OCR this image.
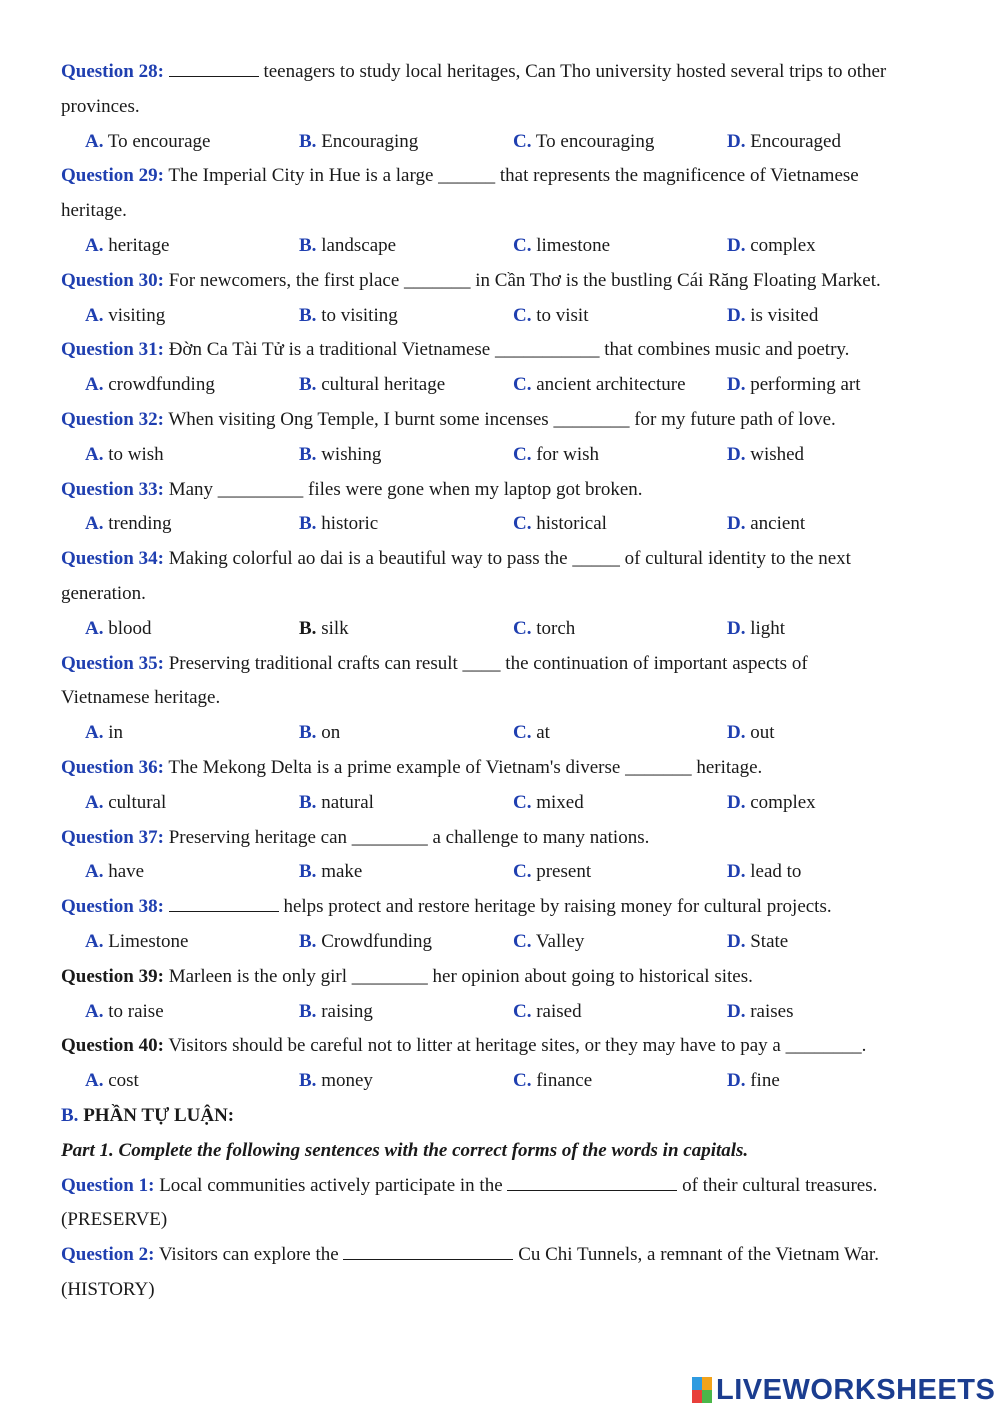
Question 28:	teenagers to study local heritages, Can Tho university hosted several trips to other
provinces.
A. To encourage	B. Encouraging	C. To encouraging	D. Encouraged
Question 29: The Imperial City in Hue is a large ______ that represents the magnificence of Vietnamese
heritage.
A. heritage	B. landscape	C. limestone	D. complex
Question 30: For newcomers, the first place _______ in Cần Thơ is the bustling Cái Răng Floating Market.
A. visiting	B. to visiting	C. to visit	D. is visited
Question 31: Đờn Ca Tài Tử is a traditional Vietnamese ___________ that combines music and poetry.
A. crowdfunding	B. cultural heritage	C. ancient architecture D. performing art
Question 32: When visiting Ong Temple, I burnt some incenses ________ for my future path of love.
A. to wish	B. wishing	C. for wish	D. wished
Question 33: Many _________ files were gone when my laptop got broken.
A. trending	B. historic	C. historical	D. ancient
Question 34: Making colorful ao dai is a beautiful way to pass the _____ of cultural identity to the next
generation.
A. blood	B. silk	C. torch	D. light
Question 35: Preserving traditional crafts can result ____ the continuation of important aspects of
Vietnamese heritage.
A. in	B. on	C. at	D. out
Question 36: The Mekong Delta is a prime example of Vietnam's diverse _______ heritage.
A. cultural	B. natural	C. mixed	D. complex
Question 37: Preserving heritage can ________ a challenge to many nations.
A. have	B. make	C. present	D. lead to
Question 38:	helps protect and restore heritage by raising money for cultural projects.
A. Limestone	B. Crowdfunding	C. Valley	D. State
Question 39: Marleen is the only girl ________ her opinion about going to historical sites.
A. to raise	B. raising	C. raised	D. raises
Question 40: Visitors should be careful not to litter at heritage sites, or they may have to pay a ________.
A. cost	B. money	C. finance	D. fine
B. PHẦN TỰ LUẬN:
Part 1. Complete the following sentences with the correct forms of the words in capitals.
Question 1: Local communities actively participate in the	of their cultural treasures.
(PRESERVE)
Question 2: Visitors can explore the	Cu Chi Tunnels, a remnant of the Vietnam War.
(HISTORY)
LIVEWORKSHEETS
